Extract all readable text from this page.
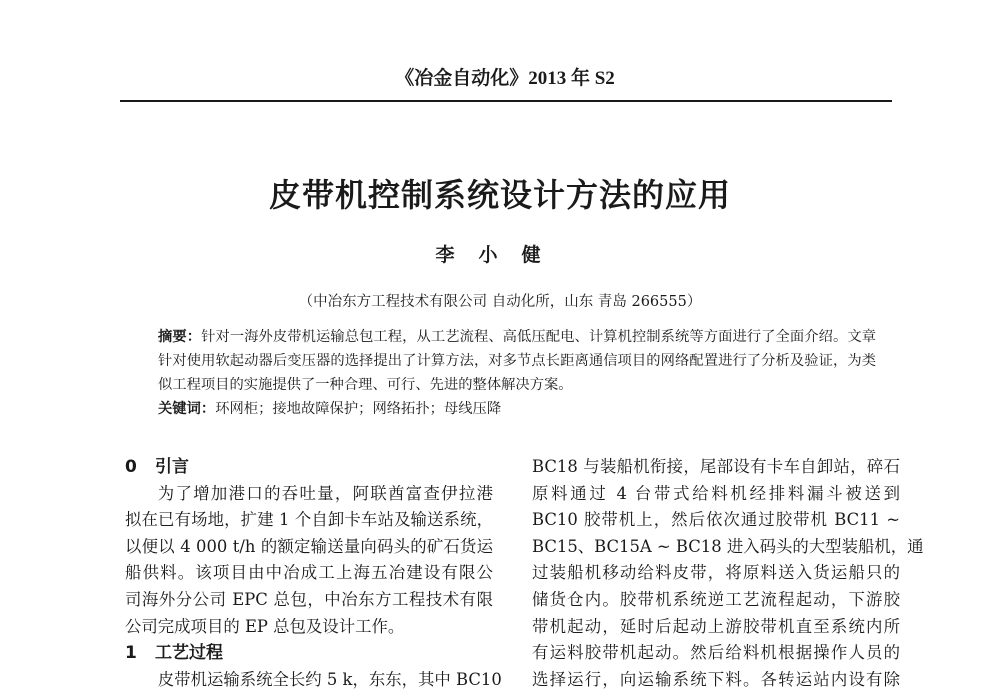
《冶金自动化》2013 年 S2
皮带机控制系统设计方法的应用
李小健
（中冶东方工程技术有限公司 自动化所，山东 青岛 266555）
摘要：针对一海外皮带机运输总包工程，从工艺流程、高低压配电、计算机控制系统等方面进行了全面介绍。文章针对使用软起动器后变压器的选择提出了计算方法，对多节点长距离通信项目的网络配置进行了分析及验证，为类似工程项目的实施提供了一种合理、可行、先进的整体解决方案。
关键词：环网柜；接地故障保护；网络拓扑；母线压降
0 引言
为了增加港口的吞吐量，阿联酋富查伊拉港
拟在已有场地，扩建 1 个自卸卡车站及输送系统，
以便以 4 000 t/h 的额定输送量向码头的矿石货运
船供料。该项目由中冶成工上海五冶建设有限公
司海外分公司 EPC 总包，中冶东方工程技术有限
公司完成项目的 EP 总包及设计工作。
1 工艺过程
皮带机运输系统全长约 5 k，东东，其中 BC10
BC18 与装船机衔接，尾部设有卡车自卸站，碎石
原料通过 4 台带式给料机经排料漏斗被送到
BC10 胶带机上，然后依次通过胶带机 BC11 ~
BC15、BC15A ~ BC18 进入码头的大型装船机，通
过装船机移动给料皮带，将原料送入货运船只的
储货仓内。胶带机系统逆工艺流程起动，下游胶
带机起动，延时后起动上游胶带机直至系统内所
有运料胶带机起动。然后给料机根据操作人员的
选择运行，向运输系统下料。各转运站内设有除
